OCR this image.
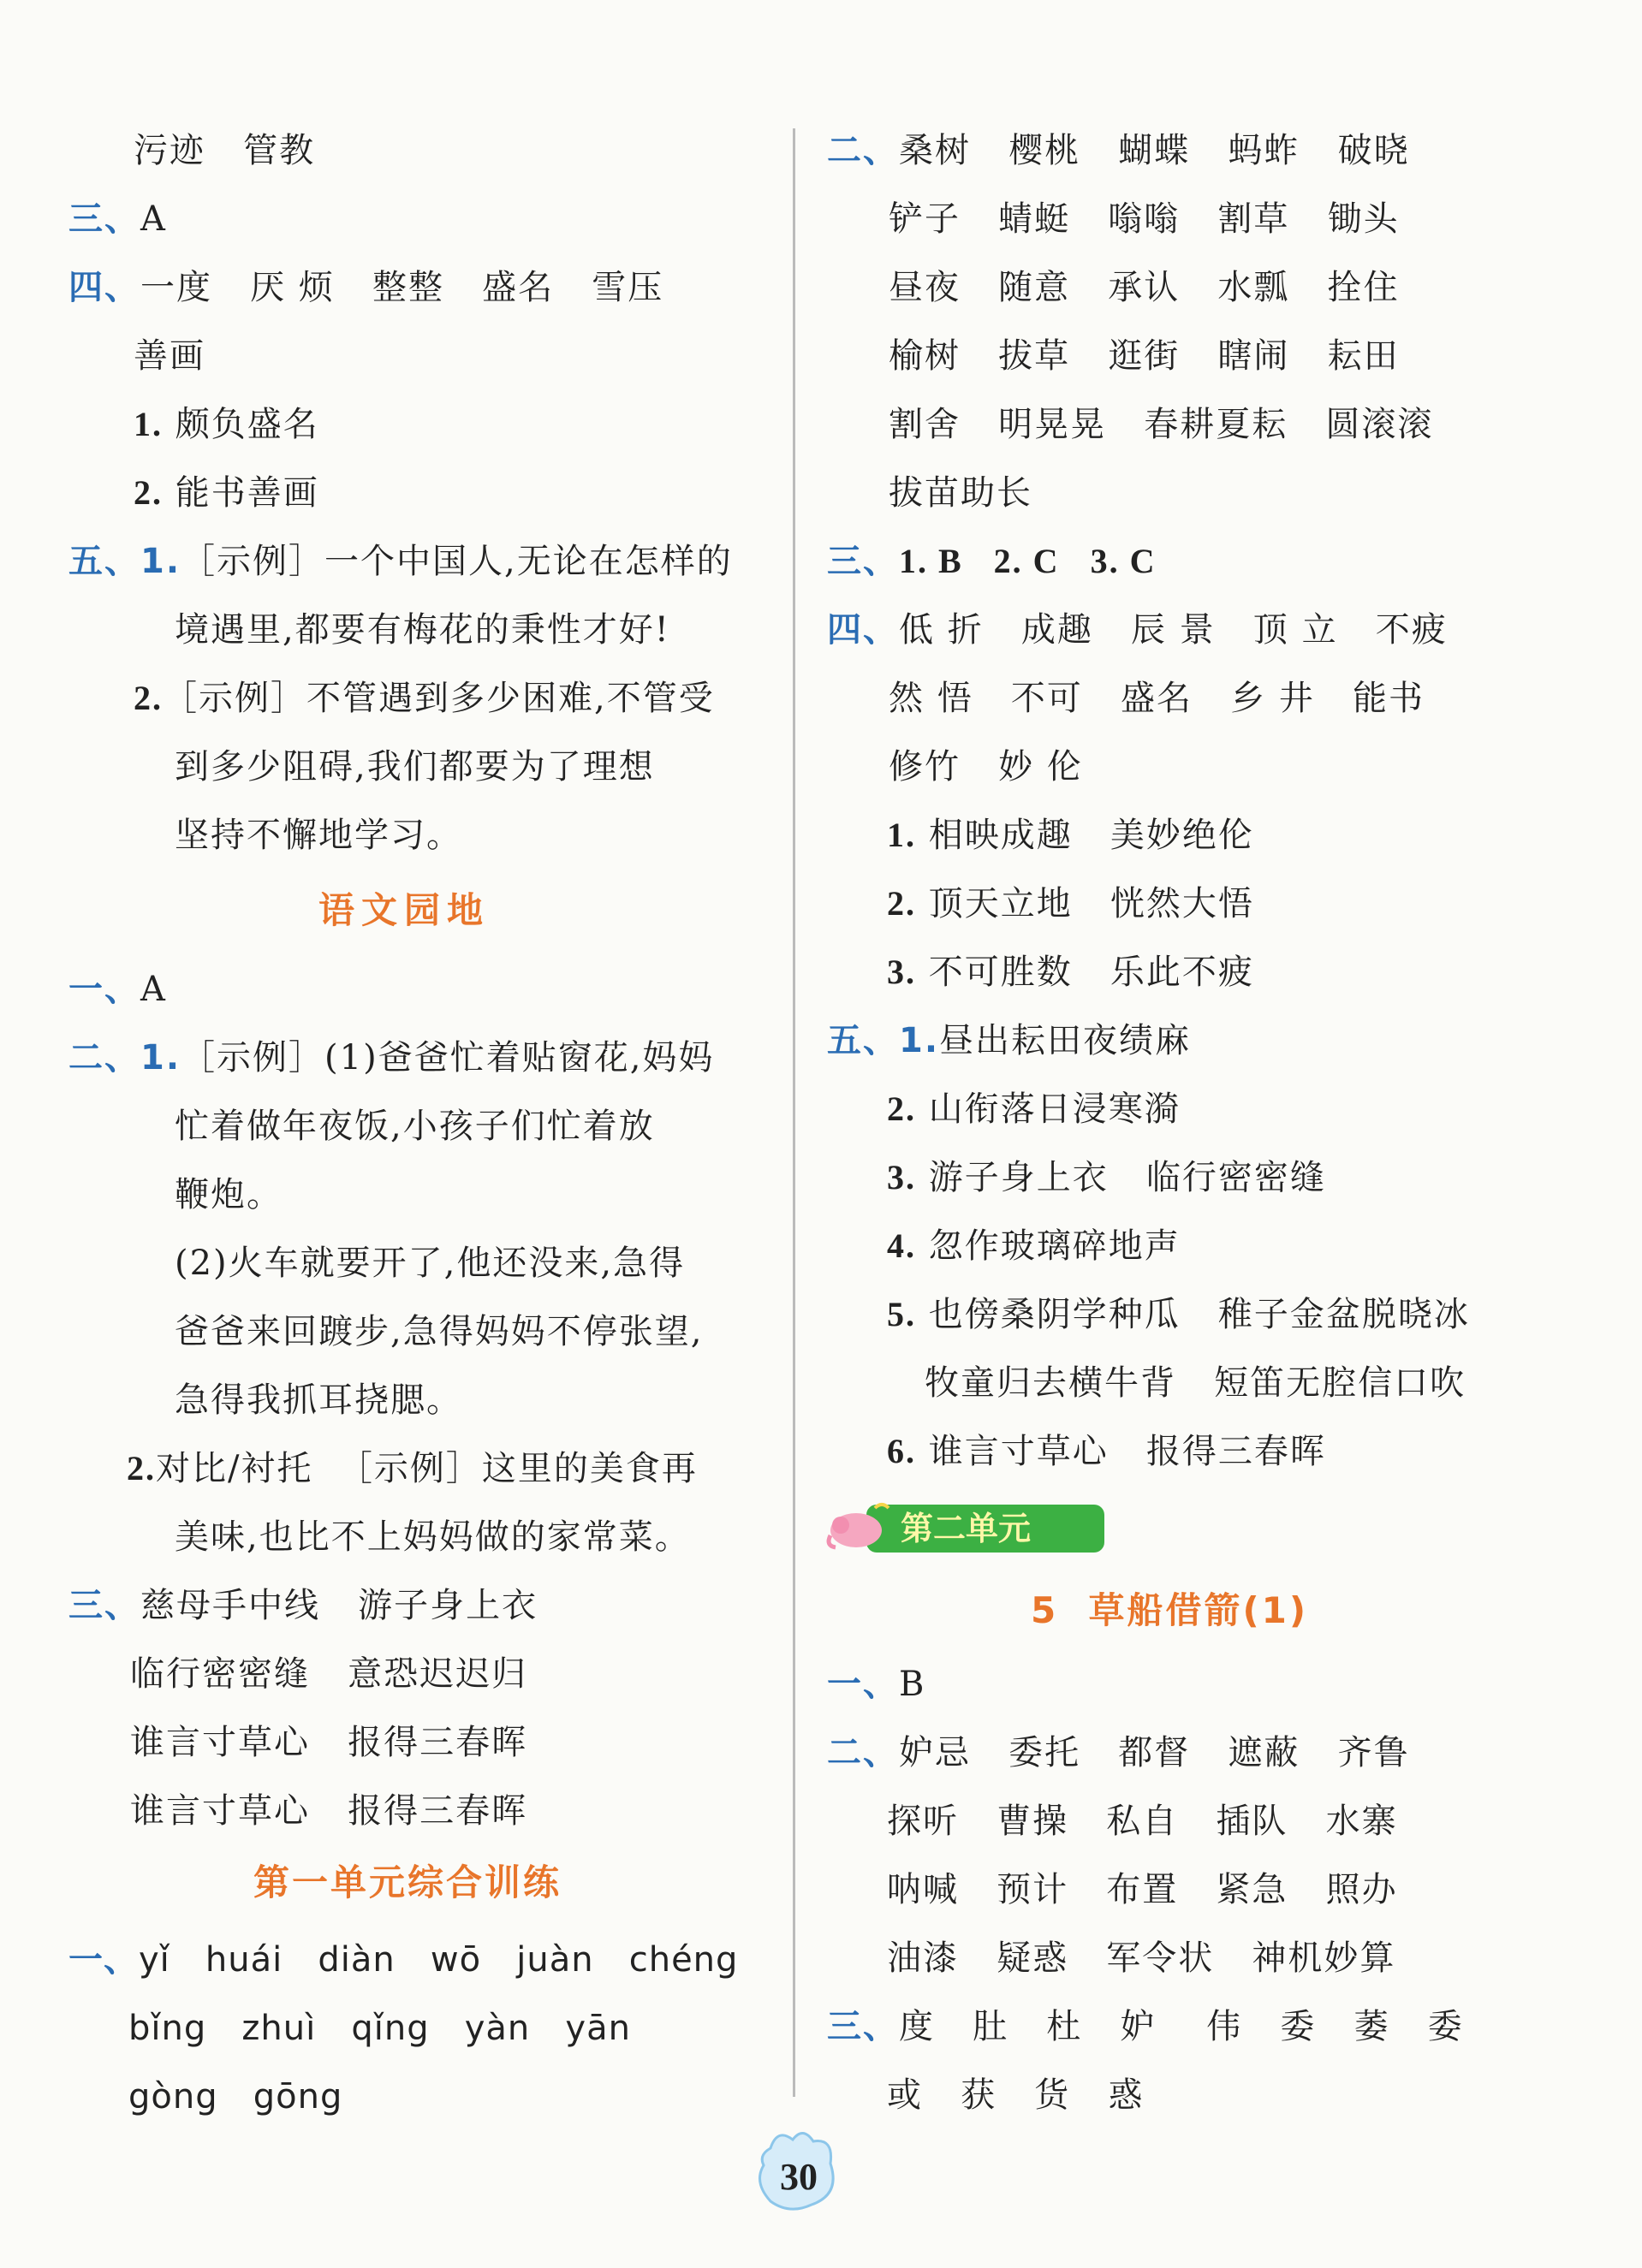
污迹   管教
三、A
四、一度   厌 烦   整整   盛名   雪压
善画
1. 颇负盛名
2. 能书善画
五、1.［示例］一个中国人,无论在怎样的
境遇里,都要有梅花的秉性才好!
2.［示例］不管遇到多少困难,不管受
到多少阻碍,我们都要为了理想
坚持不懈地学习。
语文园地
一、A
二、1.［示例］(1)爸爸忙着贴窗花,妈妈
忙着做年夜饭,小孩子们忙着放
鞭炮。
(2)火车就要开了,他还没来,急得
爸爸来回踱步,急得妈妈不停张望,
急得我抓耳挠腮。
2.对比/衬托  ［示例］这里的美食再
美味,也比不上妈妈做的家常菜。
三、慈母手中线   游子身上衣
临行密密缝   意恐迟迟归
谁言寸草心   报得三春晖
谁言寸草心   报得三春晖
第一单元综合训练
一、yǐ   huái   diàn   wō   juàn   chéng
bǐng   zhuì   qǐng   yàn   yān
gòng   gōng
二、桑树   樱桃   蝴蝶   蚂蚱   破晓
铲子   蜻蜓   嗡嗡   割草   锄头
昼夜   随意   承认   水瓢   拴住
榆树   拔草   逛街   瞎闹   耘田
割舍   明晃晃   春耕夏耘   圆滚滚
拔苗助长
三、1. B   2. C   3. C
四、低 折   成趣   辰 景   顶 立   不疲
然 悟   不可   盛名   乡 井   能书
修竹   妙 伦
1. 相映成趣   美妙绝伦
2. 顶天立地   恍然大悟
3. 不可胜数   乐此不疲
五、1.昼出耘田夜绩麻
2. 山衔落日浸寒漪
3. 游子身上衣   临行密密缝
4. 忽作玻璃碎地声
5. 也傍桑阴学种瓜   稚子金盆脱晓冰
牧童归去横牛背   短笛无腔信口吹
6. 谁言寸草心   报得三春晖
第二单元
5  草船借箭(1)
一、B
二、妒忌   委托   都督   遮蔽   齐鲁
探听   曹操   私自   插队   水寨
呐喊   预计   布置   紧急   照办
油漆   疑惑   军令状   神机妙算
三、度   肚   杜   妒    伟   委   萎   委
或   获   货   惑
30
